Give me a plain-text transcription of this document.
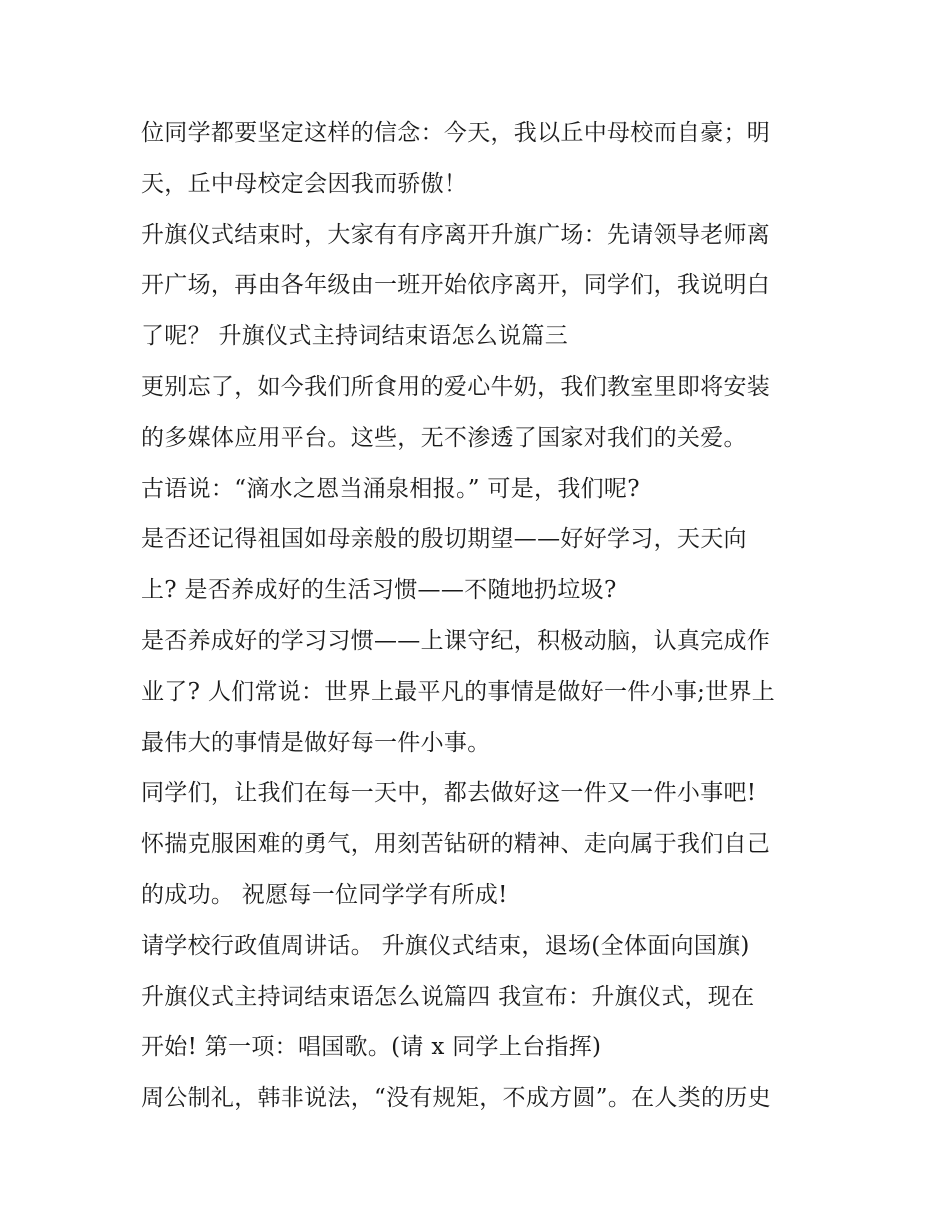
位同学都要坚定这样的信念：今天，我以丘中母校而自豪；明
天，丘中母校定会因我而骄傲！
升旗仪式结束时，大家有有序离开升旗广场：先请领导老师离
开广场，再由各年级由一班开始依序离开，同学们，我说明白
了呢？ 升旗仪式主持词结束语怎么说篇三
更别忘了，如今我们所食用的爱心牛奶，我们教室里即将安装
的多媒体应用平台。这些，无不渗透了国家对我们的关爱。
古语说：“滴水之恩当涌泉相报。” 可是，我们呢?
是否还记得祖国如母亲般的殷切期望——好好学习，天天向
上? 是否养成好的生活习惯——不随地扔垃圾?
是否养成好的学习习惯——上课守纪，积极动脑，认真完成作
业了? 人们常说：世界上最平凡的事情是做好一件小事;世界上
最伟大的事情是做好每一件小事。
同学们，让我们在每一天中，都去做好这一件又一件小事吧!
怀揣克服困难的勇气，用刻苦钻研的精神、走向属于我们自己
的成功。 祝愿每一位同学学有所成!
请学校行政值周讲话。 升旗仪式结束，退场(全体面向国旗)
升旗仪式主持词结束语怎么说篇四 我宣布：升旗仪式，现在
开始! 第一项：唱国歌。(请 x 同学上台指挥)
周公制礼，韩非说法，“没有规矩，不成方圆”。在人类的历史
